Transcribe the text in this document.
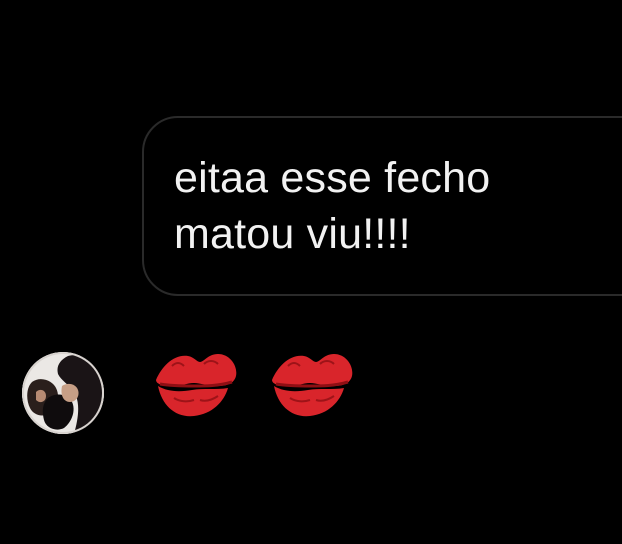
eitaa esse fecho
matou viu!!!!
